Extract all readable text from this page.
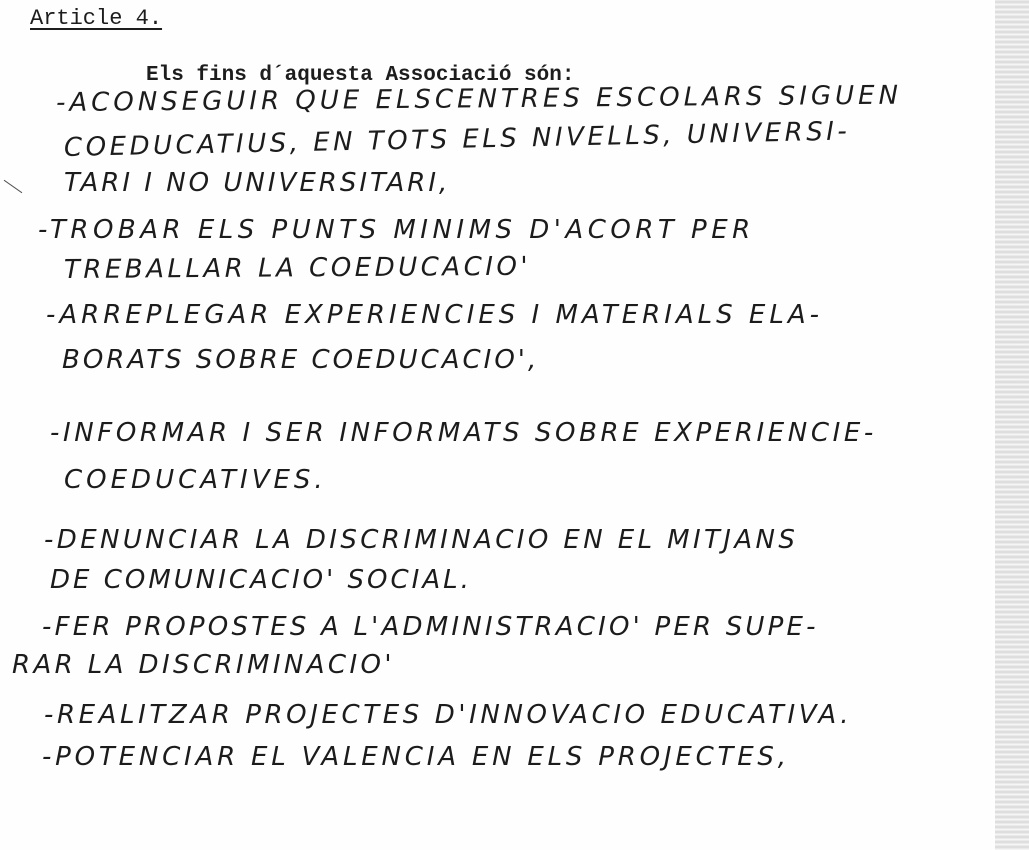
Article 4.
Els fins d´aquesta Associació són:
-ACONSEGUIR QUE ELSCENTRES ESCOLARS SIGUEN
COEDUCATIUS, EN TOTS ELS NIVELLS, UNIVERSI-
TARI I NO UNIVERSITARI,
-TROBAR ELS PUNTS MINIMS D'ACORT PER
TREBALLAR LA COEDUCACIO'
-ARREPLEGAR EXPERIENCIES I MATERIALS ELA-
BORATS SOBRE COEDUCACIO',
-INFORMAR I SER INFORMATS SOBRE EXPERIENCIE-
COEDUCATIVES.
-DENUNCIAR LA DISCRIMINACIO EN EL MITJANS
DE COMUNICACIO' SOCIAL.
-FER PROPOSTES A L'ADMINISTRACIO' PER SUPE-
RAR LA DISCRIMINACIO'
-REALITZAR PROJECTES D'INNOVACIO EDUCATIVA.
-POTENCIAR EL VALENCIA EN ELS PROJECTES,
